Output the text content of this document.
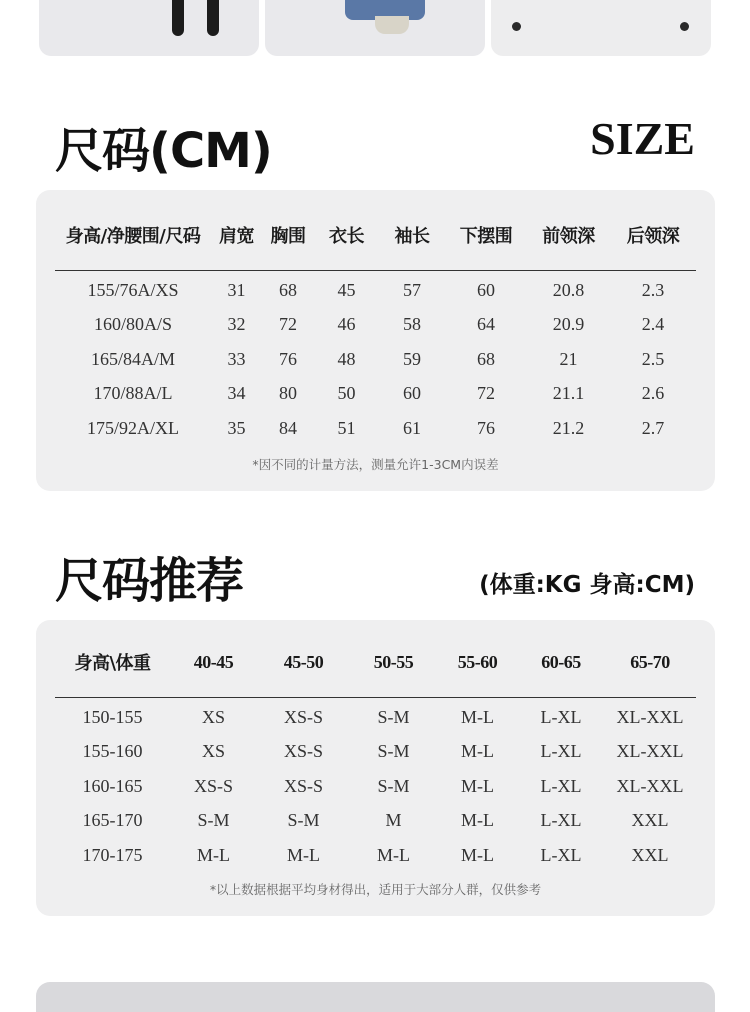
尺码(CM)	SIZE
身高/净腰围/尺码	肩宽	胸围	衣长	袖长	下摆围	前领深	后领深
155/76A/XS	31	68	45	57	60	20.8	2.3
160/80A/S	32	72	46	58	64	20.9	2.4
165/84A/M	33	76	48	59	68	21	2.5
170/88A/L	34	80	50	60	72	21.1	2.6
175/92A/XL	35	84	51	61	76	21.2	2.7
*因不同的计量方法，测量允许1-3CM内误差
尺码推荐	(体重:KG 身高:CM)
身高\体重	40-45	45-50	50-55	55-60	60-65	65-70
150-155	XS	XS-S	S-M	M-L	L-XL	XL-XXL
155-160	XS	XS-S	S-M	M-L	L-XL	XL-XXL
160-165	XS-S	XS-S	S-M	M-L	L-XL	XL-XXL
165-170	S-M	S-M	M	M-L	L-XL	XXL
170-175	M-L	M-L	M-L	M-L	L-XL	XXL
*以上数据根据平均身材得出，适用于大部分人群，仅供参考
